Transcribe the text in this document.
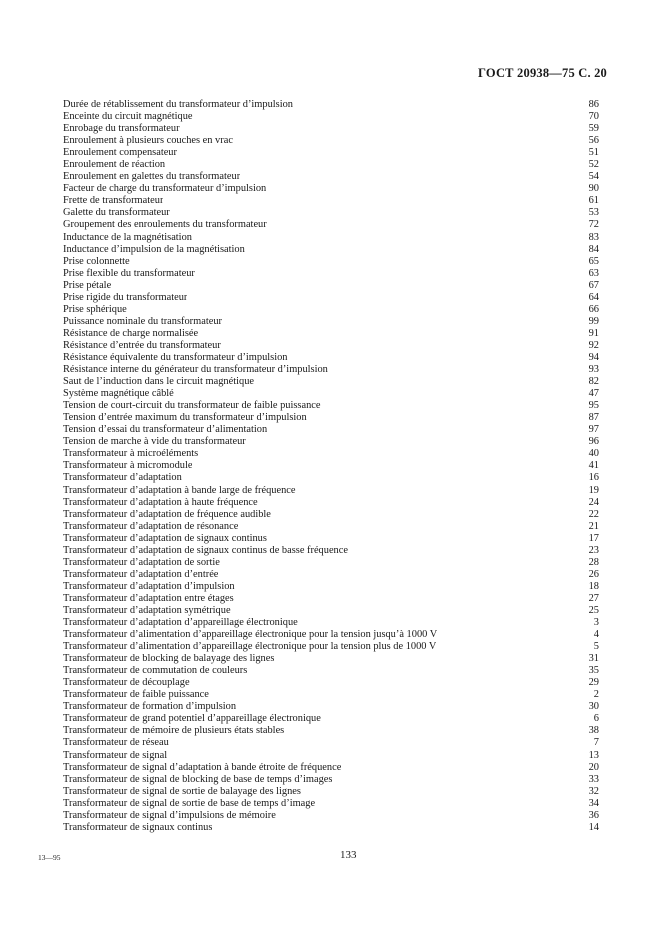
ГОСТ 20938—75 С. 20
Durée de rétablissement du transformateur d’impulsion	86
Enceinte du circuit magnétique	70
Enrobage du transformateur	59
Enroulement à plusieurs couches en vrac	56
Enroulement compensateur	51
Enroulement de réaction	52
Enroulement en galettes du transformateur	54
Facteur de charge du transformateur d’impulsion	90
Frette de transformateur	61
Galette du transformateur	53
Groupement des enroulements du transformateur	72
Inductance de la magnétisation	83
Inductance d’impulsion de la magnétisation	84
Prise colonnette	65
Prise flexible du transformateur	63
Prise pétale	67
Prise rigide du transformateur	64
Prise sphérique	66
Puissance nominale du transformateur	99
Résistance de charge normalisée	91
Résistance d’entrée du transformateur	92
Résistance équivalente du transformateur d’impulsion	94
Résistance interne du générateur du transformateur d’impulsion	93
Saut de l’induction dans le circuit magnétique	82
Système magnétique câblé	47
Tension de court-circuit du transformateur de faible puissance	95
Tension d’entrée maximum du transformateur d’impulsion	87
Tension d’essai du transformateur d’alimentation	97
Tension de marche à vide du transformateur	96
Transformateur à microéléments	40
Transformateur à micromodule	41
Transformateur d’adaptation	16
Transformateur d’adaptation à bande large de fréquence	19
Transformateur d’adaptation à haute fréquence	24
Transformateur d’adaptation de fréquence audible	22
Transformateur d’adaptation de résonance	21
Transformateur d’adaptation de signaux continus	17
Transformateur d’adaptation de signaux continus de basse fréquence	23
Transformateur d’adaptation de sortie	28
Transformateur d’adaptation d’entrée	26
Transformateur d’adaptation d’impulsion	18
Transformateur d’adaptation entre étages	27
Transformateur d’adaptation symétrique	25
Transformateur d’adaptation d’appareillage électronique	3
Transformateur d’alimentation d’appareillage électronique pour la tension jusqu’à 1000 V	4
Transformateur d’alimentation d’appareillage électronique pour la tension plus de 1000 V	5
Transformateur de blocking de balayage des lignes	31
Transformateur de commutation de couleurs	35
Transformateur de découplage	29
Transformateur de faible puissance	2
Transformateur de formation d’impulsion	30
Transformateur de grand potentiel d’appareillage électronique	6
Transformateur de mémoire de plusieurs états stables	38
Transformateur de réseau	7
Transformateur de signal	13
Transformateur de signal d’adaptation à bande étroite de fréquence	20
Transformateur de signal de blocking de base de temps d’images	33
Transformateur de signal de sortie de balayage des lignes	32
Transformateur de signal de sortie de base de temps d’image	34
Transformateur de signal d’impulsions de mémoire	36
Transformateur de signaux continus	14
13—95	133
